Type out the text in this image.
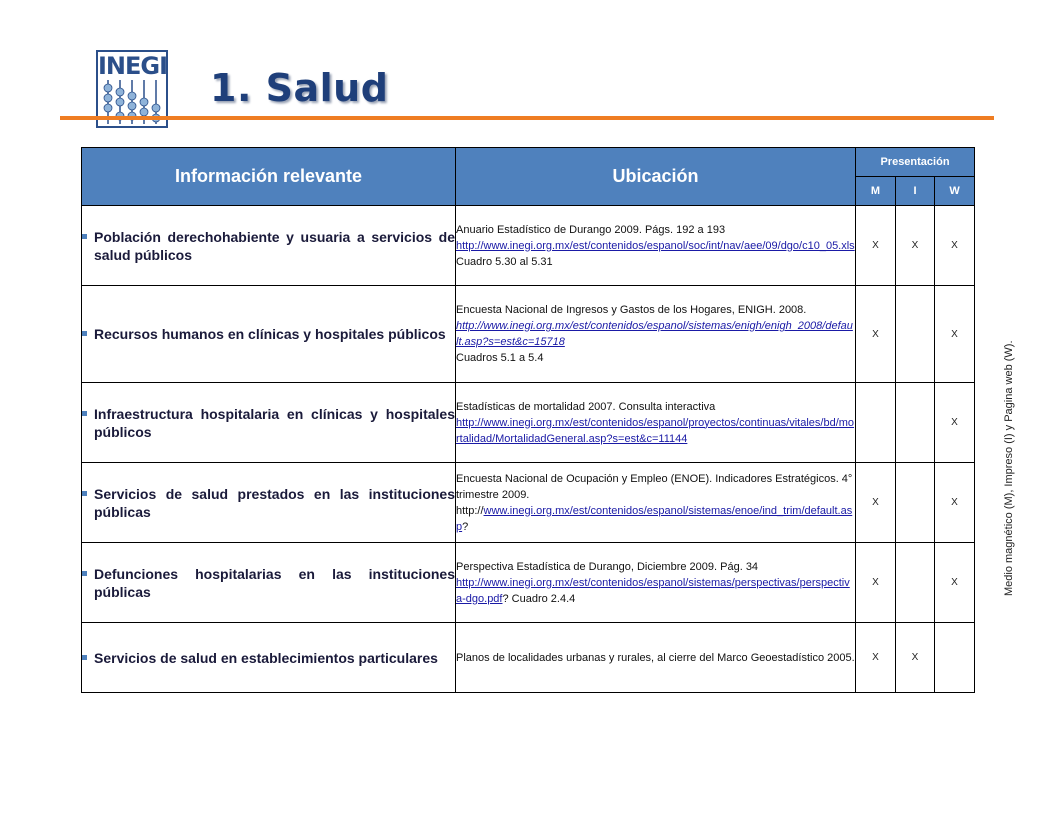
INEGI 1. Salud
Información relevante	Ubicación	Presentación		
		M	I	W

Población derechohabiente y usuaria a servicios de salud públicos	Anuario Estadístico de Durango 2009. Págs. 192 a 193
http://www.inegi.org.mx/est/contenidos/espanol/soc/int/nav/aee/09/dgo/c10_05.xls Cuadro 5.30 al 5.31	X	X	X

Recursos humanos en clínicas y hospitales públicos	Encuesta Nacional de Ingresos y Gastos de los Hogares, ENIGH. 2008.
http://www.inegi.org.mx/est/contenidos/espanol/sistemas/enigh/enigh_2008/default.asp?s=est&c=15718
Cuadros 5.1 a 5.4	X		X

Infraestructura hospitalaria en clínicas y hospitales públicos	Estadísticas de mortalidad 2007. Consulta interactiva
http://www.inegi.org.mx/est/contenidos/espanol/proyectos/continuas/vitales/bd/mortalidad/MortalidadGeneral.asp?s=est&c=11144			X

Servicios de salud prestados en las instituciones públicas	Encuesta Nacional de Ocupación y Empleo (ENOE). Indicadores Estratégicos. 4° trimestre 2009.
http://www.inegi.org.mx/est/contenidos/espanol/sistemas/enoe/ind_trim/default.asp?	X		X

Defunciones hospitalarias en las instituciones públicas	Perspectiva Estadística de Durango, Diciembre 2009. Pág. 34
http://www.inegi.org.mx/est/contenidos/espanol/sistemas/perspectivas/perspectiva-dgo.pdf? Cuadro 2.4.4	X		X

Servicios de salud en establecimientos particulares	Planos de localidades urbanas y rurales, al cierre del Marco Geoestadístico 2005.	X	X	
Medio magnético (M), Impreso (I) y Pagina web (W).
